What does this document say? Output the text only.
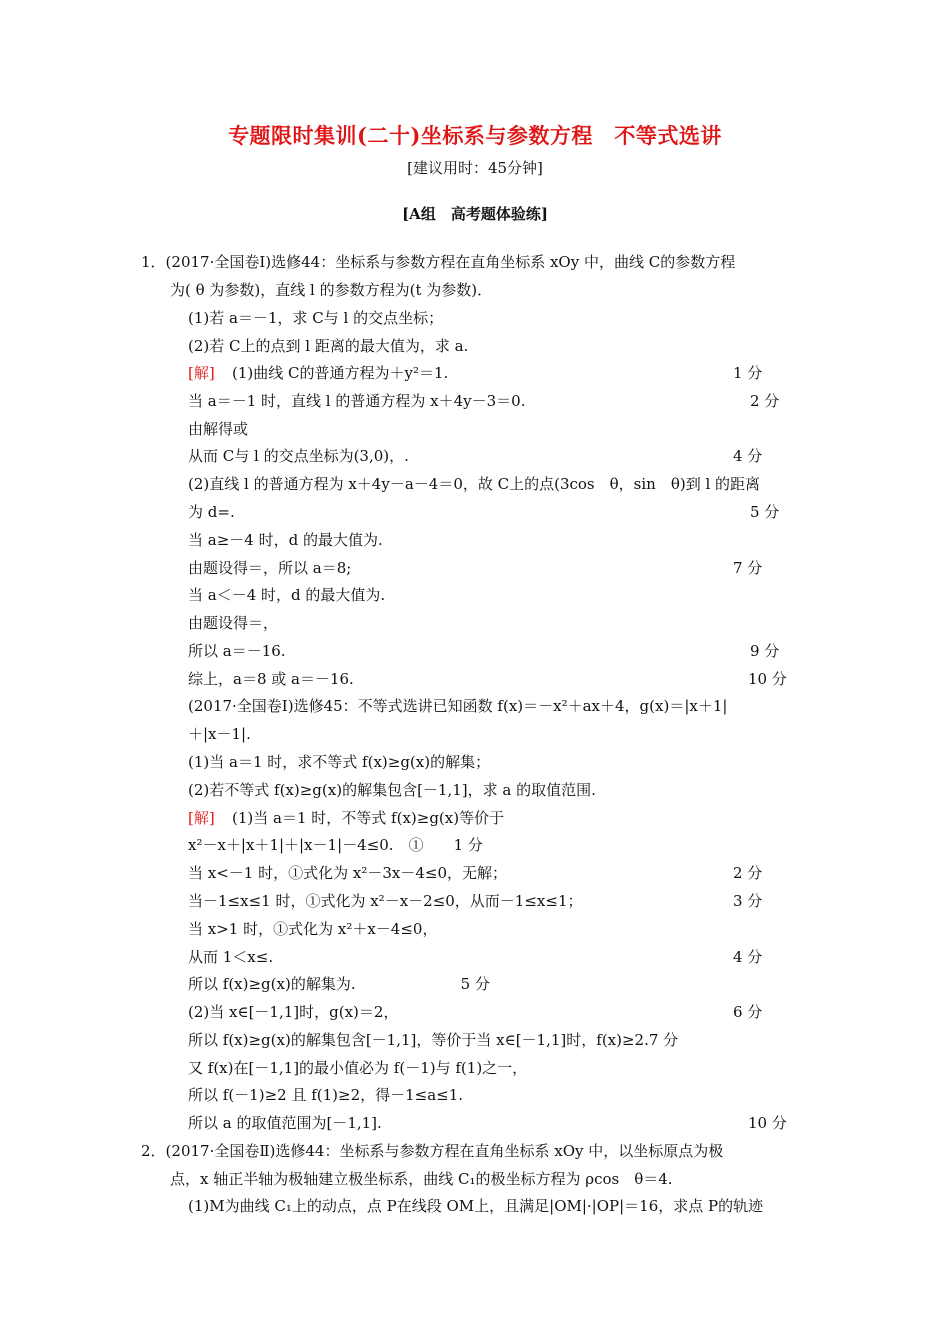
专题限时集训(二十)坐标系与参数方程　不等式选讲
[建议用时：45分钟]
[A组　高考题体验练]
1．(2017·全国卷Ⅰ)选修44：坐标系与参数方程在直角坐标系 xOy 中，曲线 C的参数方程
为( θ 为参数)，直线 l 的参数方程为(t 为参数)．
(1)若 a＝－1，求 C与 l 的交点坐标；
(2)若 C上的点到 l 距离的最大值为，求 a.
[解] (1)曲线 C的普通方程为＋y²＝1.	1 分
当 a＝－1 时，直线 l 的普通方程为 x＋4y－3＝0.	2 分
由解得或
从而 C与 l 的交点坐标为(3,0)，.	4 分
(2)直线 l 的普通方程为 x＋4y－a－4＝0，故 C上的点(3cos　θ，sin　θ)到 l 的距离
为 d=.	5 分
当 a≥－4 时，d 的最大值为.
由题设得＝，所以 a＝8;	7 分
当 a＜－4 时，d 的最大值为.
由题设得＝，
所以 a＝－16.	9 分
综上，a＝8 或 a＝－16.	10 分
(2017·全国卷Ⅰ)选修45：不等式选讲已知函数 f(x)＝－x²＋ax＋4，g(x)＝|x＋1|
＋|x－1|.
(1)当 a＝1 时，求不等式 f(x)≥g(x)的解集；
(2)若不等式 f(x)≥g(x)的解集包含[－1,1]，求 a 的取值范围.
[解] (1)当 a＝1 时，不等式 f(x)≥g(x)等价于
x²－x＋|x＋1|＋|x－1|－4≤0.　①　　1 分
当 x<－1 时，①式化为 x²－3x－4≤0，无解；	2 分
当－1≤x≤1 时，①式化为 x²－x－2≤0，从而－1≤x≤1；	3 分
当 x>1 时，①式化为 x²＋x－4≤0，
从而 1＜x≤.	4 分
所以 f(x)≥g(x)的解集为.　　　　　　　5 分
(2)当 x∈[－1,1]时，g(x)＝2，	6 分
所以 f(x)≥g(x)的解集包含[－1,1]，等价于当 x∈[－1,1]时，f(x)≥2.7 分
又 f(x)在[－1,1]的最小值必为 f(－1)与 f(1)之一，
所以 f(－1)≥2 且 f(1)≥2，得－1≤a≤1.
所以 a 的取值范围为[－1,1].	10 分
2．(2017·全国卷Ⅱ)选修44：坐标系与参数方程在直角坐标系 xOy 中，以坐标原点为极
点，x 轴正半轴为极轴建立极坐标系，曲线 C₁的极坐标方程为 ρcos　θ＝4.
(1)M为曲线 C₁上的动点，点 P在线段 OM上，且满足|OM|·|OP|＝16，求点 P的轨迹
